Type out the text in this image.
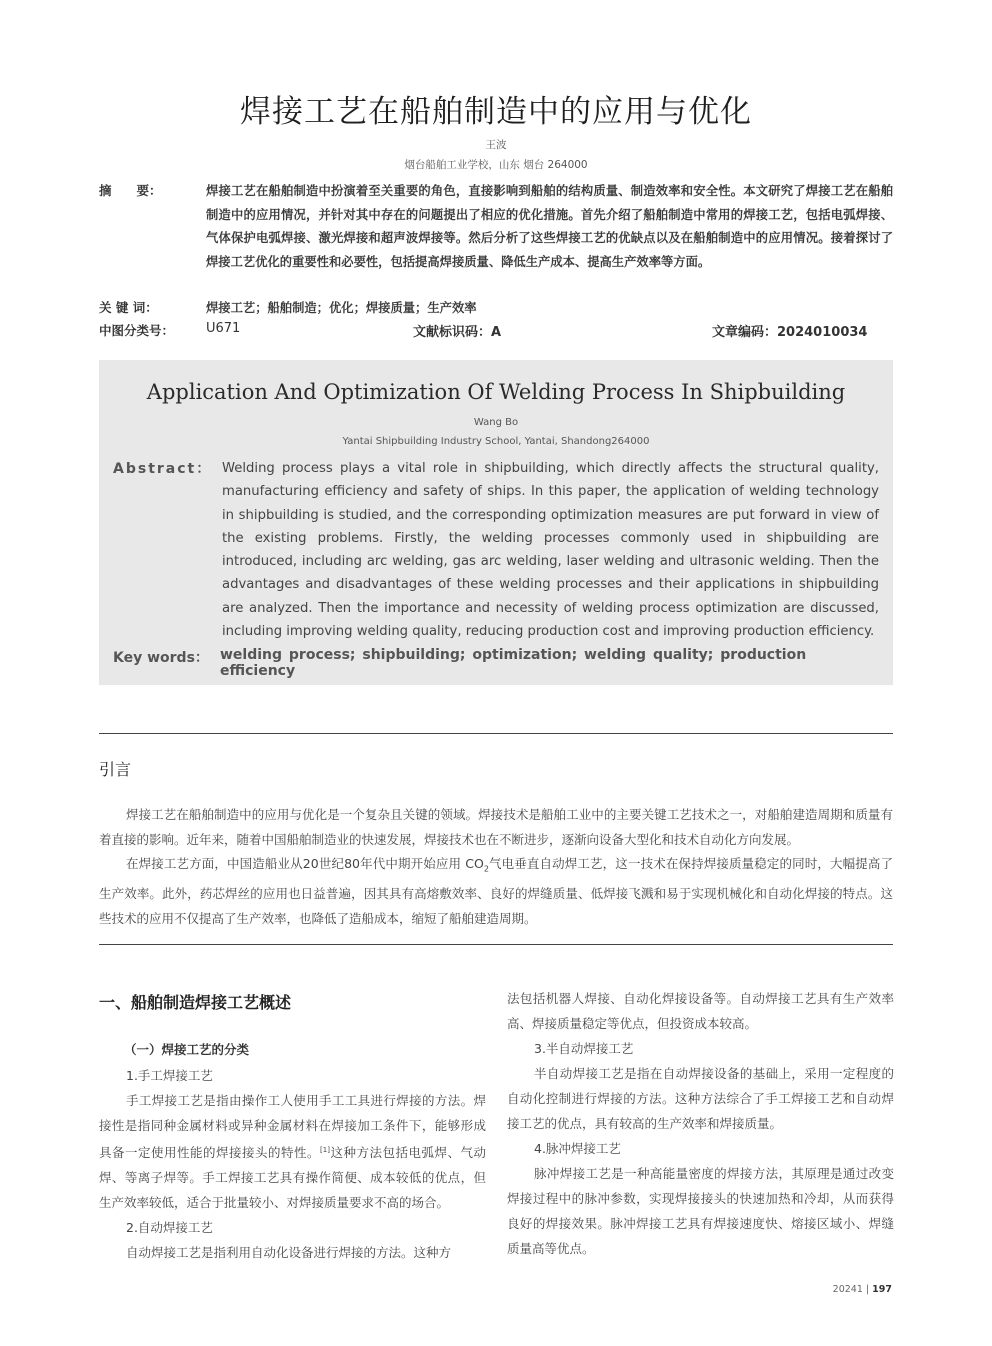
焊接工艺在船舶制造中的应用与优化
王波
烟台船舶工业学校，山东 烟台 264000
摘　　要：	焊接工艺在船舶制造中扮演着至关重要的角色，直接影响到船舶的结构质量、制造效率和安全性。本文研究了焊接工艺在船舶制造中的应用情况，并针对其中存在的问题提出了相应的优化措施。首先介绍了船舶制造中常用的焊接工艺，包括电弧焊接、气体保护电弧焊接、激光焊接和超声波焊接等。然后分析了这些焊接工艺的优缺点以及在船舶制造中的应用情况。接着探讨了焊接工艺优化的重要性和必要性，包括提高焊接质量、降低生产成本、提高生产效率等方面。
关 键 词：	焊接工艺；船舶制造；优化；焊接质量；生产效率
中图分类号： U671	文献标识码：A	文章编码：2024010034
Application And Optimization Of Welding Process In Shipbuilding
Wang Bo
Yantai Shipbuilding Industry School, Yantai, Shandong264000
Abstract： Welding process plays a vital role in shipbuilding, which directly affects the structural quality, manufacturing efficiency and safety of ships. In this paper, the application of welding technology in shipbuilding is studied, and the corresponding optimization measures are put forward in view of the existing problems. Firstly, the welding processes commonly used in shipbuilding are introduced, including arc welding, gas arc welding, laser welding and ultrasonic welding. Then the advantages and disadvantages of these welding processes and their applications in shipbuilding are analyzed. Then the importance and necessity of welding process optimization are discussed, including improving welding quality, reducing production cost and improving production efficiency.
Key words： welding process; shipbuilding; optimization; welding quality; production efficiency
引言
焊接工艺在船舶制造中的应用与优化是一个复杂且关键的领域。焊接技术是船舶工业中的主要关键工艺技术之一，对船舶建造周期和质量有着直接的影响。近年来，随着中国船舶制造业的快速发展，焊接技术也在不断进步，逐渐向设备大型化和技术自动化方向发展。
在焊接工艺方面，中国造船业从20世纪80年代中期开始应用 $CO_2$气电垂直自动焊工艺，这一技术在保持焊接质量稳定的同时，大幅提高了生产效率。此外，药芯焊丝的应用也日益普遍，因其具有高熔敷效率、良好的焊缝质量、低焊接飞溅和易于实现机械化和自动化焊接的特点。这些技术的应用不仅提高了生产效率，也降低了造船成本，缩短了船舶建造周期。
一、船舶制造焊接工艺概述
（一）焊接工艺的分类

1.手工焊接工艺

手工焊接工艺是指由操作工人使用手工工具进行焊接的方法。焊接性是指同种金属材料或异种金属材料在焊接加工条件下，能够形成具备一定使用性能的焊接接头的特性。[1]这种方法包括电弧焊、气动焊、等离子焊等。手工焊接工艺具有操作简便、成本较低的优点，但生产效率较低，适合于批量较小、对焊接质量要求不高的场合。

2.自动焊接工艺

自动焊接工艺是指利用自动化设备进行焊接的方法。这种方

法包括机器人焊接、自动化焊接设备等。自动焊接工艺具有生产效率高、焊接质量稳定等优点，但投资成本较高。

3.半自动焊接工艺

半自动焊接工艺是指在自动焊接设备的基础上，采用一定程度的自动化控制进行焊接的方法。这种方法综合了手工焊接工艺和自动焊接工艺的优点，具有较高的生产效率和焊接质量。

4.脉冲焊接工艺

脉冲焊接工艺是一种高能量密度的焊接方法，其原理是通过改变焊接过程中的脉冲参数，实现焊接接头的快速加热和冷却，从而获得良好的焊接效果。脉冲焊接工艺具有焊接速度快、熔接区域小、焊缝质量高等优点。

20241 | 197
